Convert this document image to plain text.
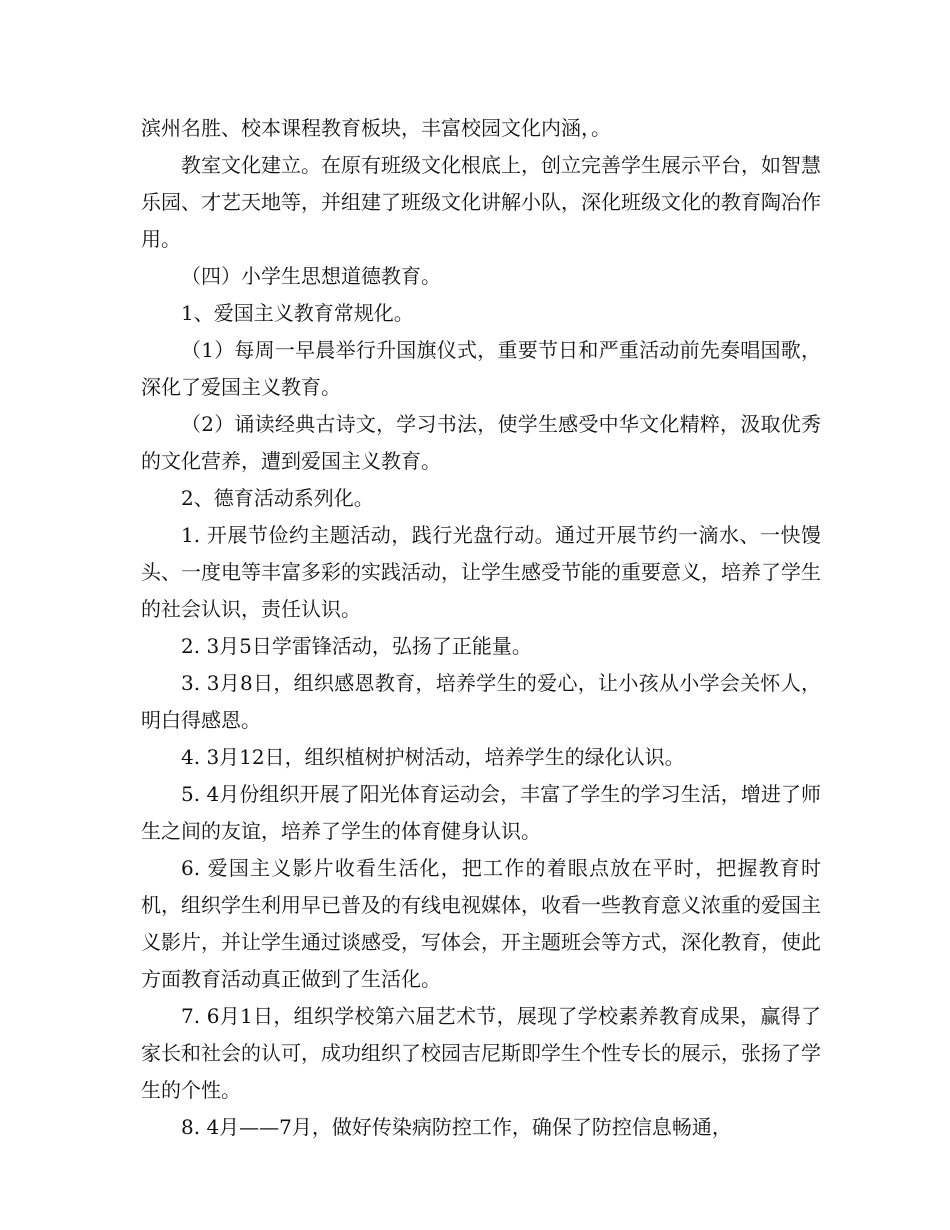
滨州名胜、校本课程教育板块，丰富校园文化内涵，。

教室文化建立。在原有班级文化根底上，创立完善学生展示平台，如智慧乐园、才艺天地等，并组建了班级文化讲解小队，深化班级文化的教育陶冶作用。

（四）小学生思想道德教育。

1、爱国主义教育常规化。

（1）每周一早晨举行升国旗仪式，重要节日和严重活动前先奏唱国歌，深化了爱国主义教育。

（2）诵读经典古诗文，学习书法，使学生感受中华文化精粹，汲取优秀的文化营养，遭到爱国主义教育。

2、德育活动系列化。

1. 开展节俭约主题活动，践行光盘行动。通过开展节约一滴水、一快馒头、一度电等丰富多彩的实践活动，让学生感受节能的重要意义，培养了学生的社会认识，责任认识。

2. 3月5日学雷锋活动，弘扬了正能量。

3. 3月8日，组织感恩教育，培养学生的爱心，让小孩从小学会关怀人，明白得感恩。

4. 3月12日，组织植树护树活动，培养学生的绿化认识。

5. 4月份组织开展了阳光体育运动会，丰富了学生的学习生活，增进了师生之间的友谊，培养了学生的体育健身认识。

6. 爱国主义影片收看生活化，把工作的着眼点放在平时，把握教育时机，组织学生利用早已普及的有线电视媒体，收看一些教育意义浓重的爱国主义影片，并让学生通过谈感受，写体会，开主题班会等方式，深化教育，使此方面教育活动真正做到了生活化。

7. 6月1日，组织学校第六届艺术节，展现了学校素养教育成果，赢得了家长和社会的认可，成功组织了校园吉尼斯即学生个性专长的展示，张扬了学生的个性。

8. 4月——7月，做好传染病防控工作，确保了防控信息畅通，
